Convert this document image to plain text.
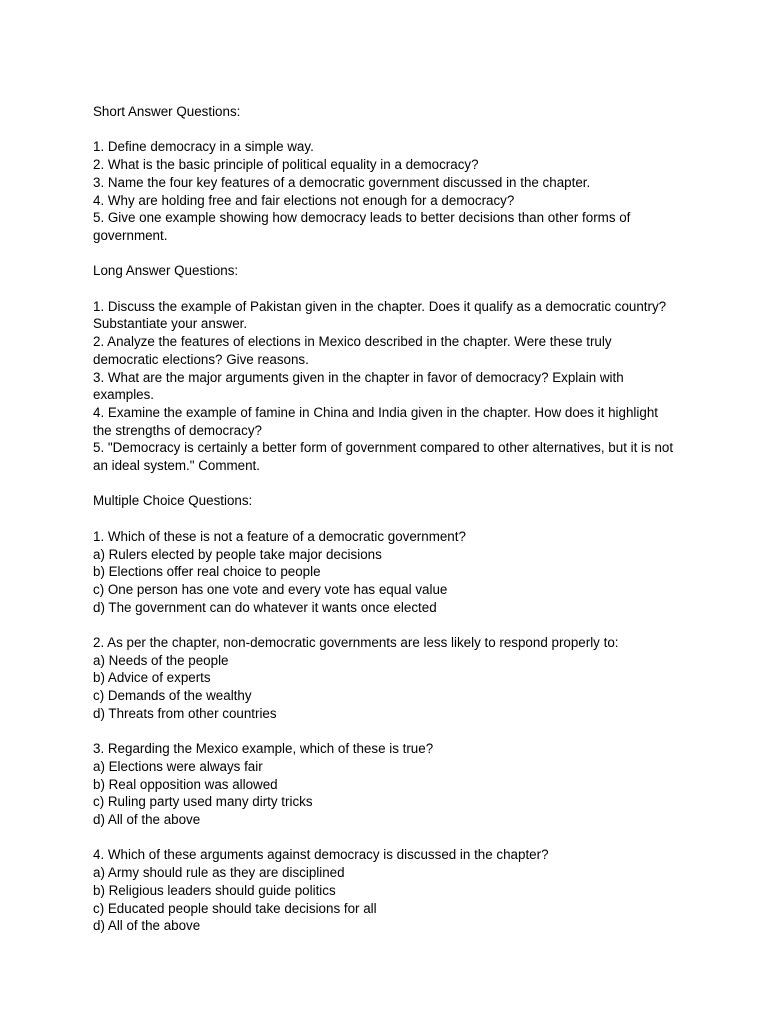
Short Answer Questions:

1. Define democracy in a simple way.

2. What is the basic principle of political equality in a democracy?

3. Name the four key features of a democratic government discussed in the chapter.

4. Why are holding free and fair elections not enough for a democracy?

5. Give one example showing how democracy leads to better decisions than other forms of government.

Long Answer Questions:

1. Discuss the example of Pakistan given in the chapter. Does it qualify as a democratic country? Substantiate your answer.

2. Analyze the features of elections in Mexico described in the chapter. Were these truly democratic elections? Give reasons.

3. What are the major arguments given in the chapter in favor of democracy? Explain with examples.

4. Examine the example of famine in China and India given in the chapter. How does it highlight the strengths of democracy?

5. "Democracy is certainly a better form of government compared to other alternatives, but it is not an ideal system." Comment.

Multiple Choice Questions:

1. Which of these is not a feature of a democratic government?

a) Rulers elected by people take major decisions

b) Elections offer real choice to people

c) One person has one vote and every vote has equal value

d) The government can do whatever it wants once elected

2. As per the chapter, non-democratic governments are less likely to respond properly to:

a) Needs of the people

b) Advice of experts

c) Demands of the wealthy

d) Threats from other countries

3. Regarding the Mexico example, which of these is true?

a) Elections were always fair

b) Real opposition was allowed

c) Ruling party used many dirty tricks

d) All of the above

4. Which of these arguments against democracy is discussed in the chapter?

a) Army should rule as they are disciplined

b) Religious leaders should guide politics

c) Educated people should take decisions for all

d) All of the above
